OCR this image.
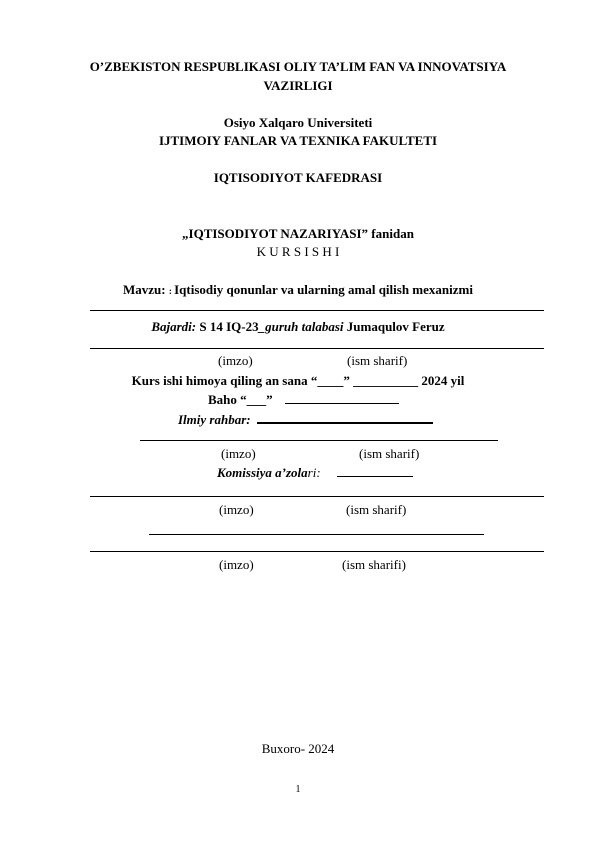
O’ZBEKISTON RESPUBLIKASI OLIY TA’LIM FAN VA INNOVATSIYA
VAZIRLIGI
Osiyo Xalqaro Universiteti
IJTIMOIY FANLAR VA TEXNIKA FAKULTETI
IQTISODIYOT KAFEDRASI
„IQTISODIYOT NAZARIYASI” fanidan
K U R S I S H I
Mavzu: : Iqtisodiy qonunlar va ularning amal qilish mexanizmi
Bajardi: S 14 IQ-23_guruh talabasi Jumaqulov Feruz
(imzo)	(ism sharif)
Kurs ishi himoya qiling an sana “____” __________ 2024 yil
Baho “___”
Ilmiy rahbar:
(imzo)	(ism sharif)
Komissiya a’zolari:
(imzo)	(ism sharif)
(imzo)	(ism sharifi)
Buxoro- 2024
1
